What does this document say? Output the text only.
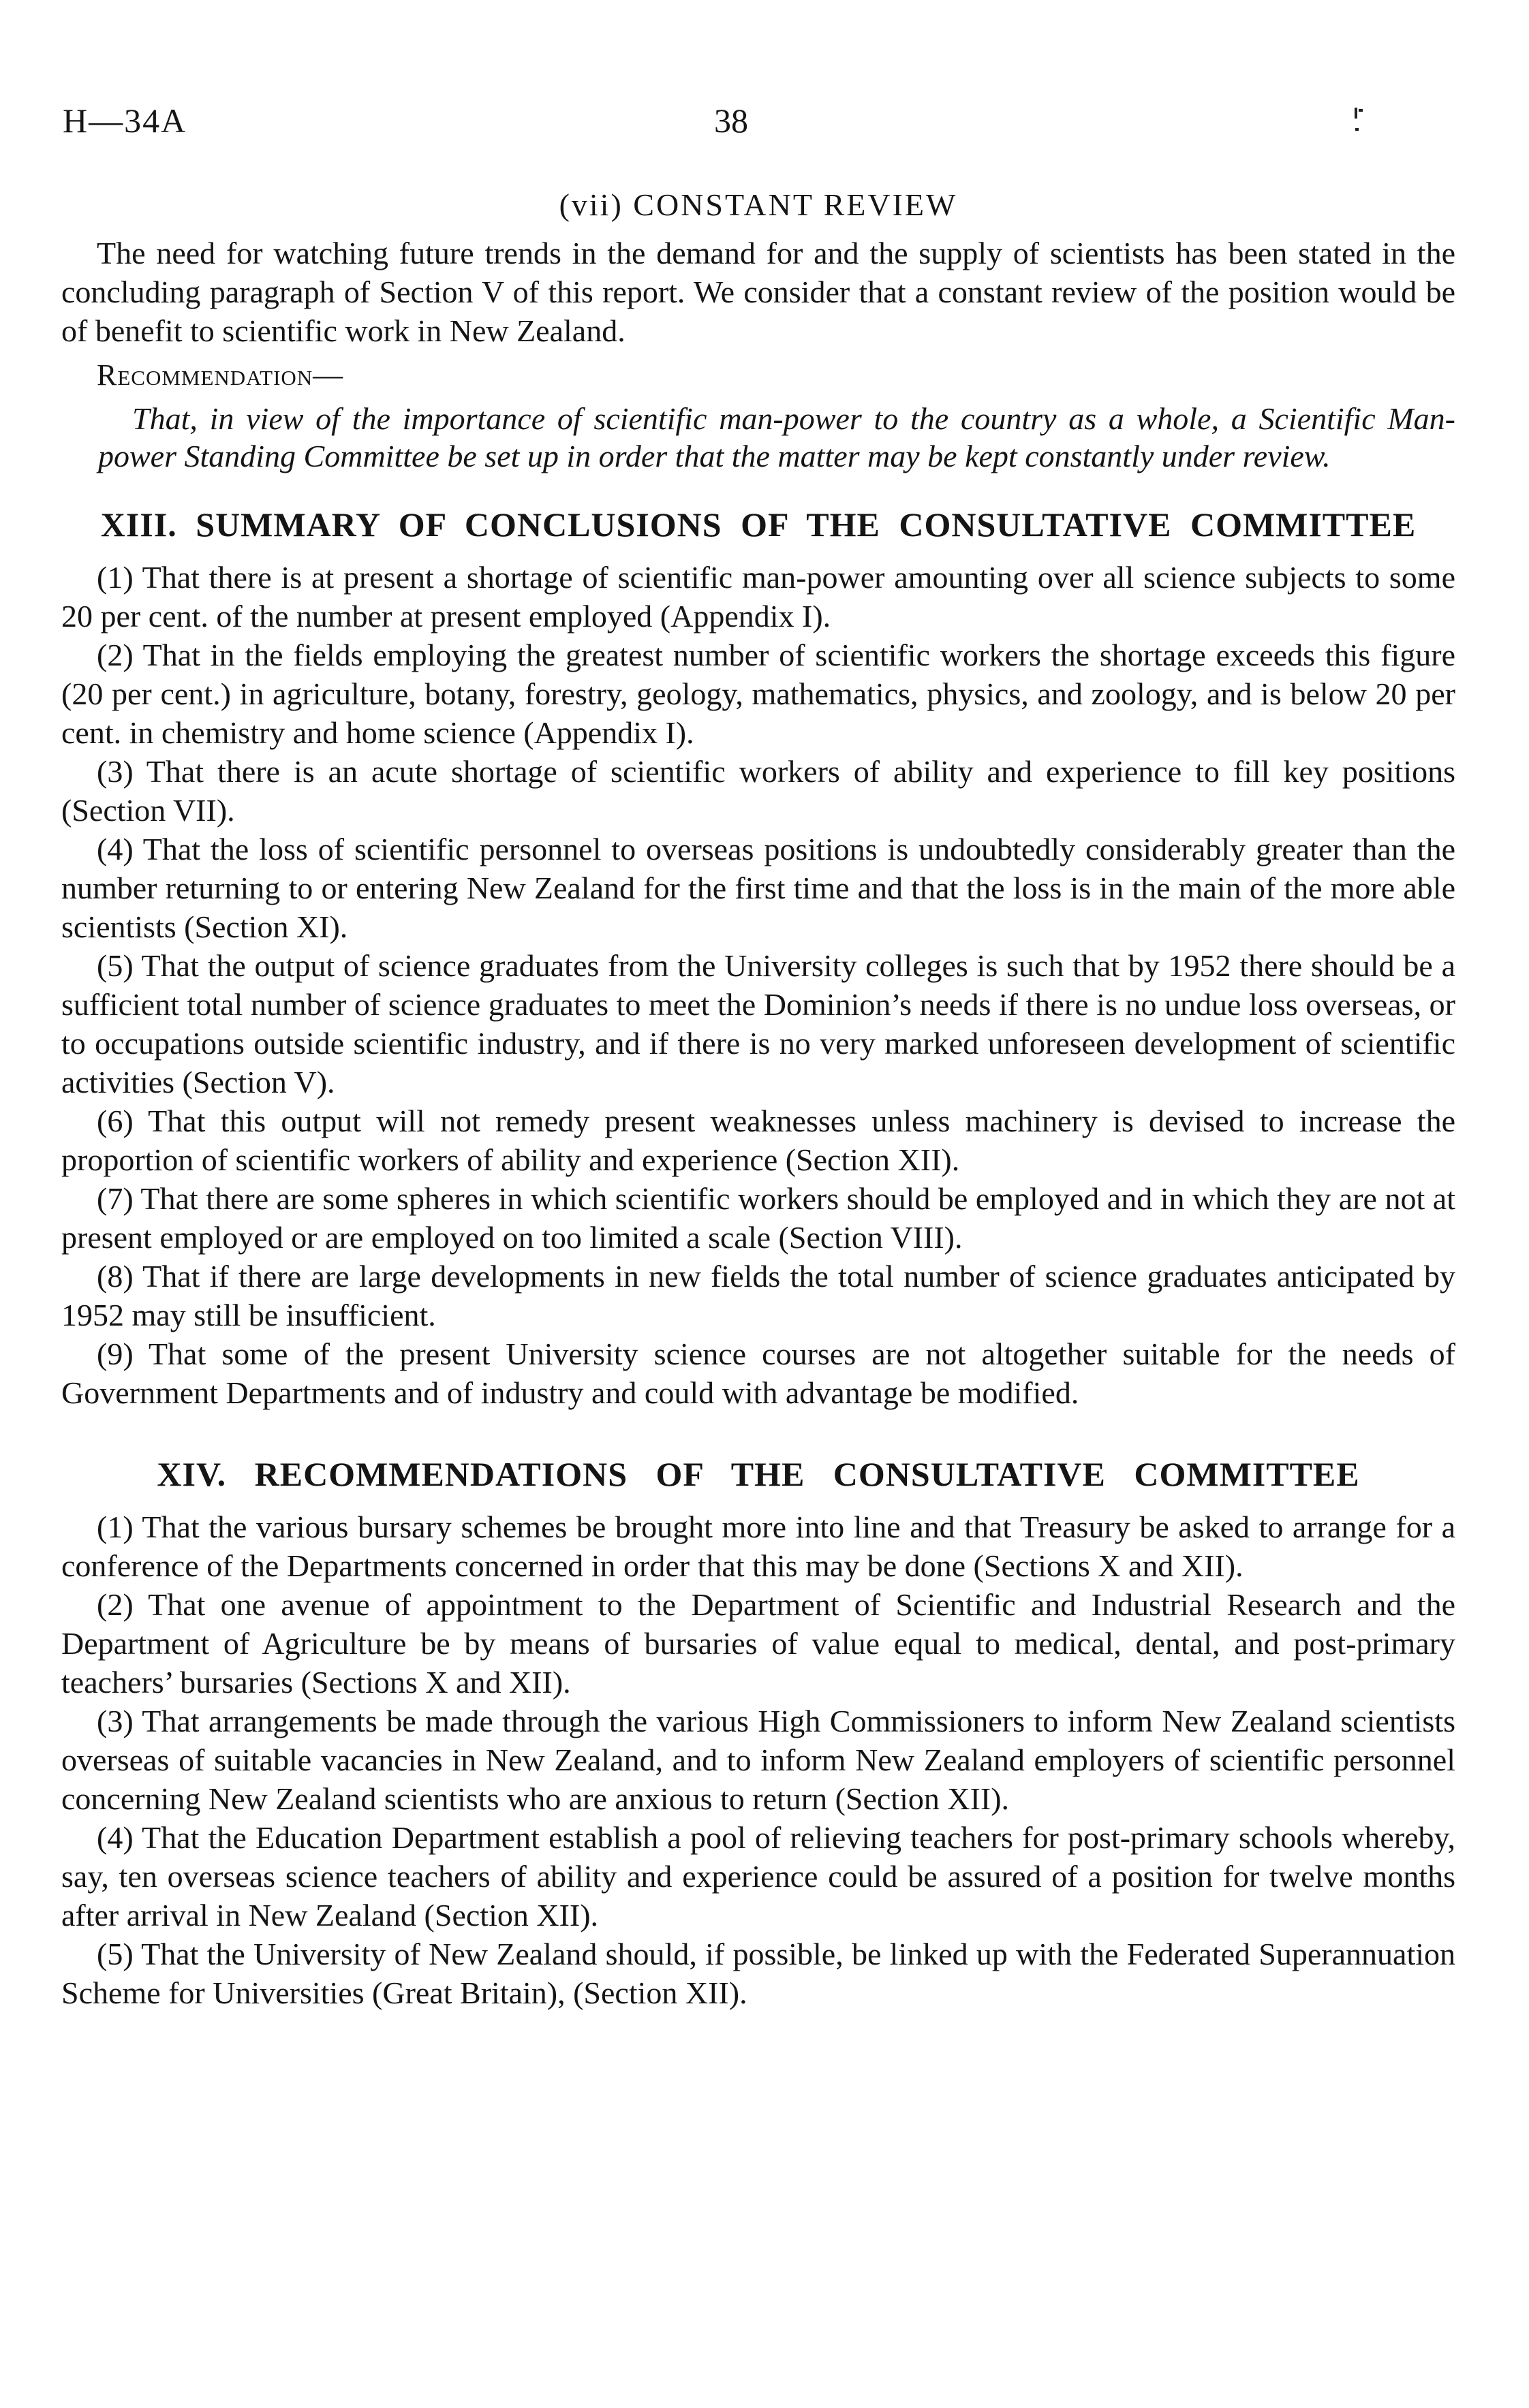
H—34A	38
(vii) CONSTANT REVIEW

The need for watching future trends in the demand for and the supply of scientists has been stated in the concluding paragraph of Section V of this report. We consider that a constant review of the position would be of benefit to scientific work in New Zealand.

Recommendation—

That, in view of the importance of scientific man-power to the country as a whole, a Scientific Man-power Standing Committee be set up in order that the matter may be kept constantly under review.

XIII. SUMMARY OF CONCLUSIONS OF THE CONSULTATIVE COMMITTEE

(1) That there is at present a shortage of scientific man-power amounting over all science subjects to some 20 per cent. of the number at present employed (Appendix I).

(2) That in the fields employing the greatest number of scientific workers the shortage exceeds this figure (20 per cent.) in agriculture, botany, forestry, geology, mathematics, physics, and zoology, and is below 20 per cent. in chemistry and home science (Appendix I).

(3) That there is an acute shortage of scientific workers of ability and experience to fill key positions (Section VII).

(4) That the loss of scientific personnel to overseas positions is undoubtedly considerably greater than the number returning to or entering New Zealand for the first time and that the loss is in the main of the more able scientists (Section XI).

(5) That the output of science graduates from the University colleges is such that by 1952 there should be a sufficient total number of science graduates to meet the Dominion’s needs if there is no undue loss overseas, or to occupations outside scientific industry, and if there is no very marked unforeseen development of scientific activities (Section V).

(6) That this output will not remedy present weaknesses unless machinery is devised to increase the proportion of scientific workers of ability and experience (Section XII).

(7) That there are some spheres in which scientific workers should be employed and in which they are not at present employed or are employed on too limited a scale (Section VIII).

(8) That if there are large developments in new fields the total number of science graduates anticipated by 1952 may still be insufficient.

(9) That some of the present University science courses are not altogether suitable for the needs of Government Departments and of industry and could with advantage be modified.

XIV. RECOMMENDATIONS OF THE CONSULTATIVE COMMITTEE

(1) That the various bursary schemes be brought more into line and that Treasury be asked to arrange for a conference of the Departments concerned in order that this may be done (Sections X and XII).

(2) That one avenue of appointment to the Department of Scientific and Industrial Research and the Department of Agriculture be by means of bursaries of value equal to medical, dental, and post-primary teachers’ bursaries (Sections X and XII).

(3) That arrangements be made through the various High Commissioners to inform New Zealand scientists overseas of suitable vacancies in New Zealand, and to inform New Zealand employers of scientific personnel concerning New Zealand scientists who are anxious to return (Section XII).

(4) That the Education Department establish a pool of relieving teachers for post-primary schools whereby, say, ten overseas science teachers of ability and experience could be assured of a position for twelve months after arrival in New Zealand (Section XII).

(5) That the University of New Zealand should, if possible, be linked up with the Federated Superannuation Scheme for Universities (Great Britain), (Section XII).
